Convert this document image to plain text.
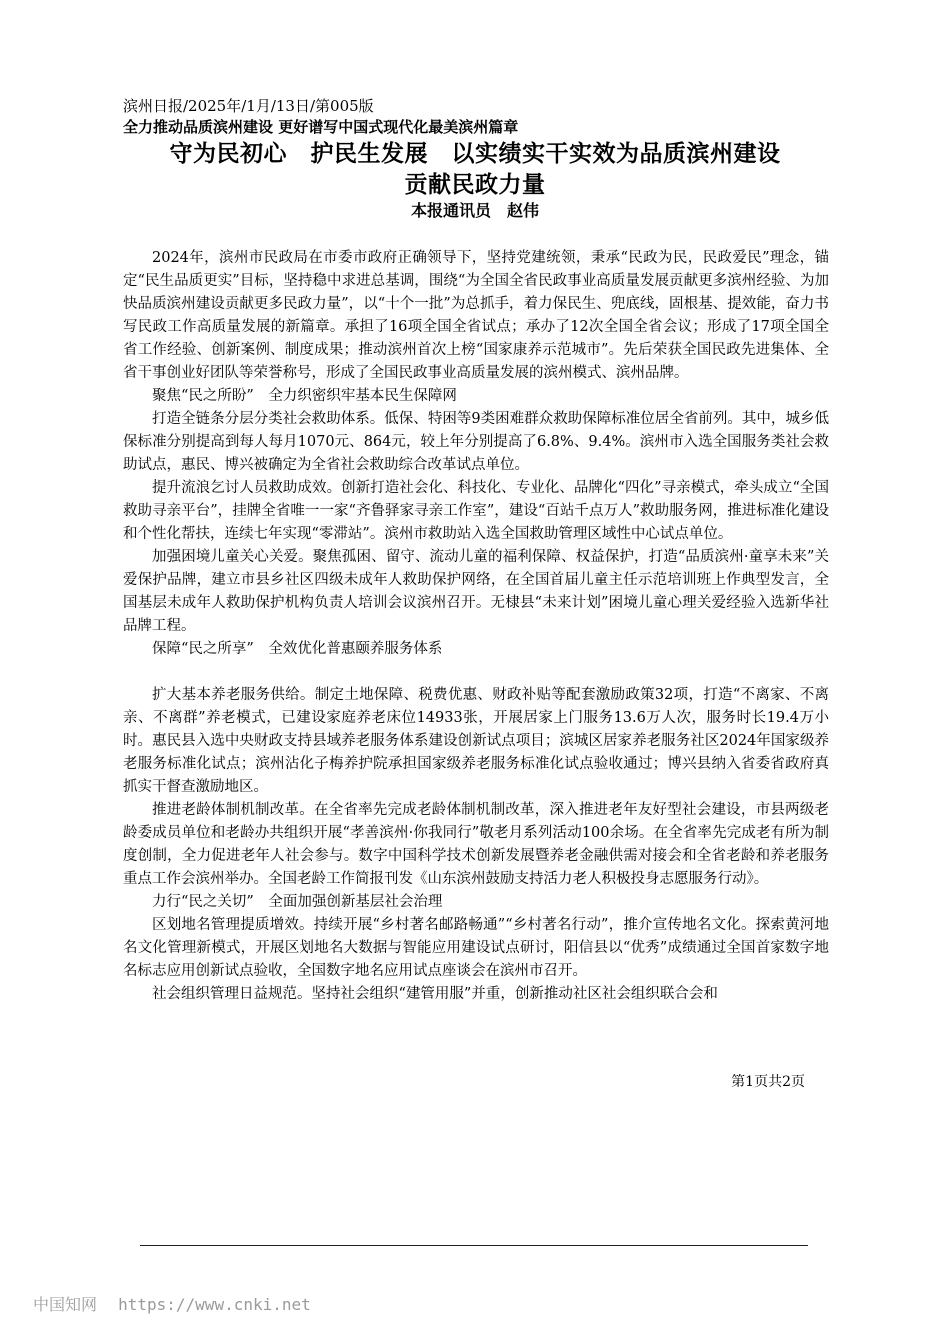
滨州日报/2025年/1月/13日/第005版
全力推动品质滨州建设 更好谱写中国式现代化最美滨州篇章
守为民初心　护民生发展　以实绩实干实效为品质滨州建设
贡献民政力量
本报通讯员　赵伟

2024年，滨州市民政局在市委市政府正确领导下，坚持党建统领，秉承“民政为民，民政爱民”理念，锚定“民生品质更实”目标，坚持稳中求进总基调，围绕“为全国全省民政事业高质量发展贡献更多滨州经验、为加快品质滨州建设贡献更多民政力量”，以“十个一批”为总抓手，着力保民生、兜底线，固根基、提效能，奋力书写民政工作高质量发展的新篇章。承担了16项全国全省试点；承办了12次全国全省会议；形成了17项全国全省工作经验、创新案例、制度成果；推动滨州首次上榜“国家康养示范城市”。先后荣获全国民政先进集体、全省干事创业好团队等荣誉称号，形成了全国民政事业高质量发展的滨州模式、滨州品牌。

聚焦“民之所盼”　全力织密织牢基本民生保障网

打造全链条分层分类社会救助体系。低保、特困等9类困难群众救助保障标准位居全省前列。其中，城乡低保标准分别提高到每人每月1070元、864元，较上年分别提高了6.8%、9.4%。滨州市入选全国服务类社会救助试点，惠民、博兴被确定为全省社会救助综合改革试点单位。

提升流浪乞讨人员救助成效。创新打造社会化、科技化、专业化、品牌化“四化”寻亲模式，牵头成立“全国救助寻亲平台”，挂牌全省唯一一家“齐鲁驿家寻亲工作室”，建设“百站千点万人”救助服务网，推进标准化建设和个性化帮扶，连续七年实现“零滞站”。滨州市救助站入选全国救助管理区域性中心试点单位。

加强困境儿童关心关爱。聚焦孤困、留守、流动儿童的福利保障、权益保护，打造“品质滨州·童享未来”关爱保护品牌，建立市县乡社区四级未成年人救助保护网络，在全国首届儿童主任示范培训班上作典型发言，全国基层未成年人救助保护机构负责人培训会议滨州召开。无棣县“未来计划”困境儿童心理关爱经验入选新华社品牌工程。

保障“民之所享”　全效优化普惠颐养服务体系

扩大基本养老服务供给。制定土地保障、税费优惠、财政补贴等配套激励政策32项，打造“不离家、不离亲、不离群”养老模式，已建设家庭养老床位14933张，开展居家上门服务13.6万人次，服务时长19.4万小时。惠民县入选中央财政支持县域养老服务体系建设创新试点项目；滨城区居家养老服务社区2024年国家级养老服务标准化试点；滨州沾化子梅养护院承担国家级养老服务标准化试点验收通过；博兴县纳入省委省政府真抓实干督查激励地区。

推进老龄体制机制改革。在全省率先完成老龄体制机制改革，深入推进老年友好型社会建设，市县两级老龄委成员单位和老龄办共组织开展“孝善滨州·你我同行”敬老月系列活动100余场。在全省率先完成老有所为制度创制，全力促进老年人社会参与。数字中国科学技术创新发展暨养老金融供需对接会和全省老龄和养老服务重点工作会滨州举办。全国老龄工作简报刊发《山东滨州鼓励支持活力老人积极投身志愿服务行动》。

力行“民之关切”　全面加强创新基层社会治理

区划地名管理提质增效。持续开展“乡村著名邮路畅通”“乡村著名行动”，推介宣传地名文化。探索黄河地名文化管理新模式，开展区划地名大数据与智能应用建设试点研讨，阳信县以“优秀”成绩通过全国首家数字地名标志应用创新试点验收，全国数字地名应用试点座谈会在滨州市召开。

社会组织管理日益规范。坚持社会组织“建管用服”并重，创新推动社区社会组织联合会和

第1页共2页
中国知网 https://www.cnki.net
